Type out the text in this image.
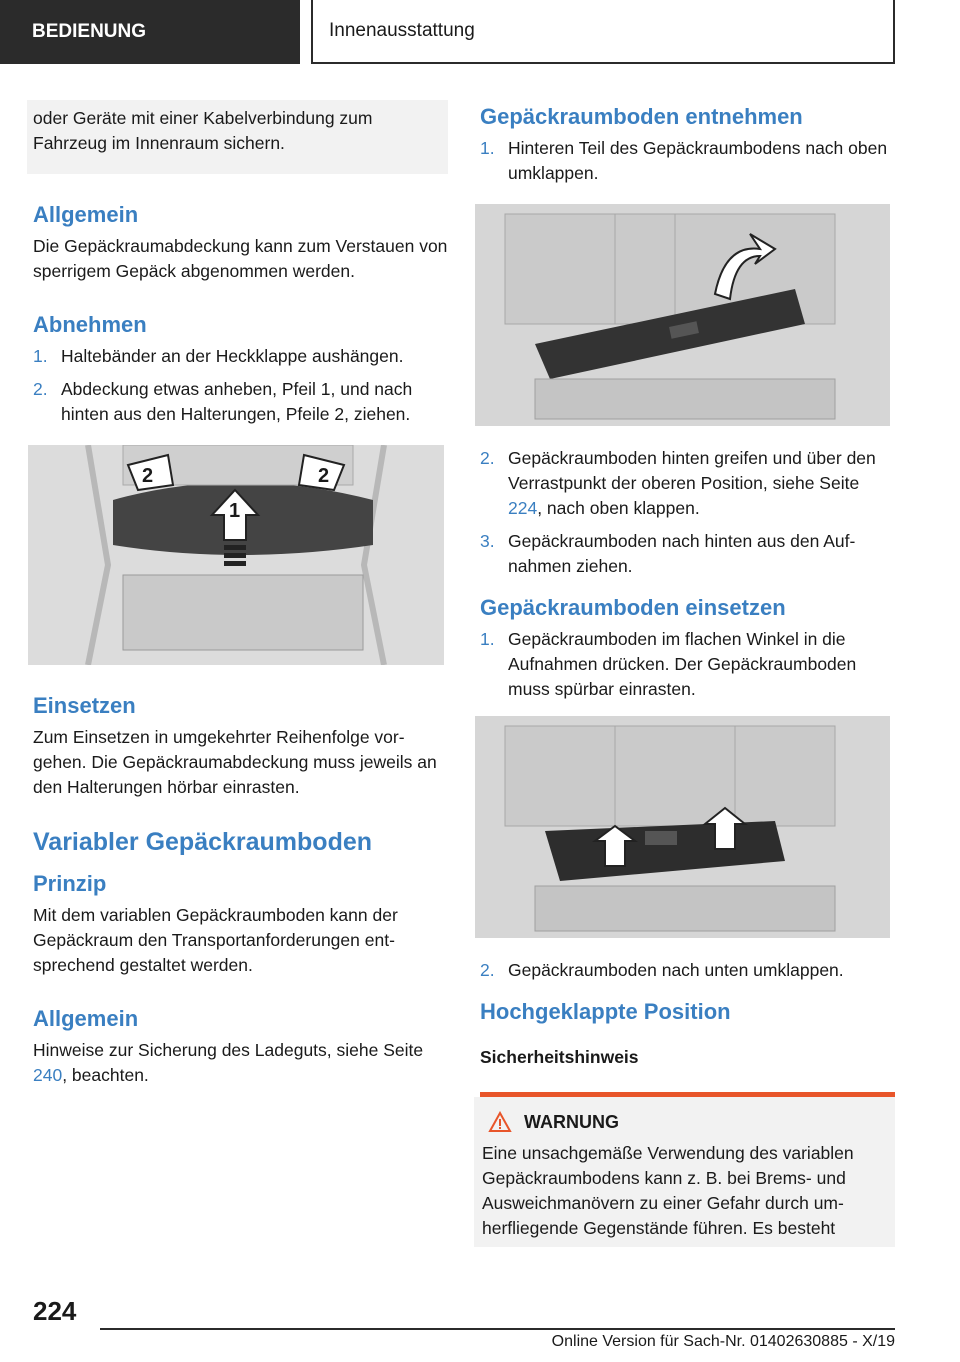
BEDIENUNG	Innenausstattung

oder Geräte mit einer Kabelverbindung zum Fahrzeug im Innenraum sichern.

Allgemein

Die Gepäckraumabdeckung kann zum Verstauen von sperrigem Gepäck abgenommen werden.

Abnehmen
1. Haltebänder an der Heckklappe aushängen.
2. Abdeckung etwas anheben, Pfeil 1, und nach hinten aus den Halterungen, Pfeile 2, ziehen.
2
1
2
Einsetzen

Zum Einsetzen in umgekehrter Reihenfolge vorgehen. Die Gepäckraumabdeckung muss jeweils an den Halterungen hörbar einrasten.

Variabler Gepäckraumboden
Prinzip

Mit dem variablen Gepäckraumboden kann der Gepäckraum den Transportanforderungen entsprechend gestaltet werden.

Allgemein

Hinweise zur Sicherung des Ladeguts, siehe Seite 240, beachten.

Gepäckraumboden entnehmen
1. Hinteren Teil des Gepäckraumbodens nach oben umklappen.
2. Gepäckraumboden hinten greifen und über den Verrastpunkt der oberen Position, siehe Seite 224, nach oben klappen.
3. Gepäckraumboden nach hinten aus den Aufnahmen ziehen.
Gepäckraumboden einsetzen
1. Gepäckraumboden im flachen Winkel in die Aufnahmen drücken. Der Gepäckraumboden muss spürbar einrasten.
2. Gepäckraumboden nach unten umklappen.
Hochgeklappte Position
Sicherheitshinweis
WARNUNG

Eine unsachgemäße Verwendung des variablen Gepäckraumbodens kann z. B. bei Brems- und Ausweichmanövern zu einer Gefahr durch umherfliegende Gegenstände führen. Es besteht

224
Online Version für Sach-Nr. 01402630885 - X/19
